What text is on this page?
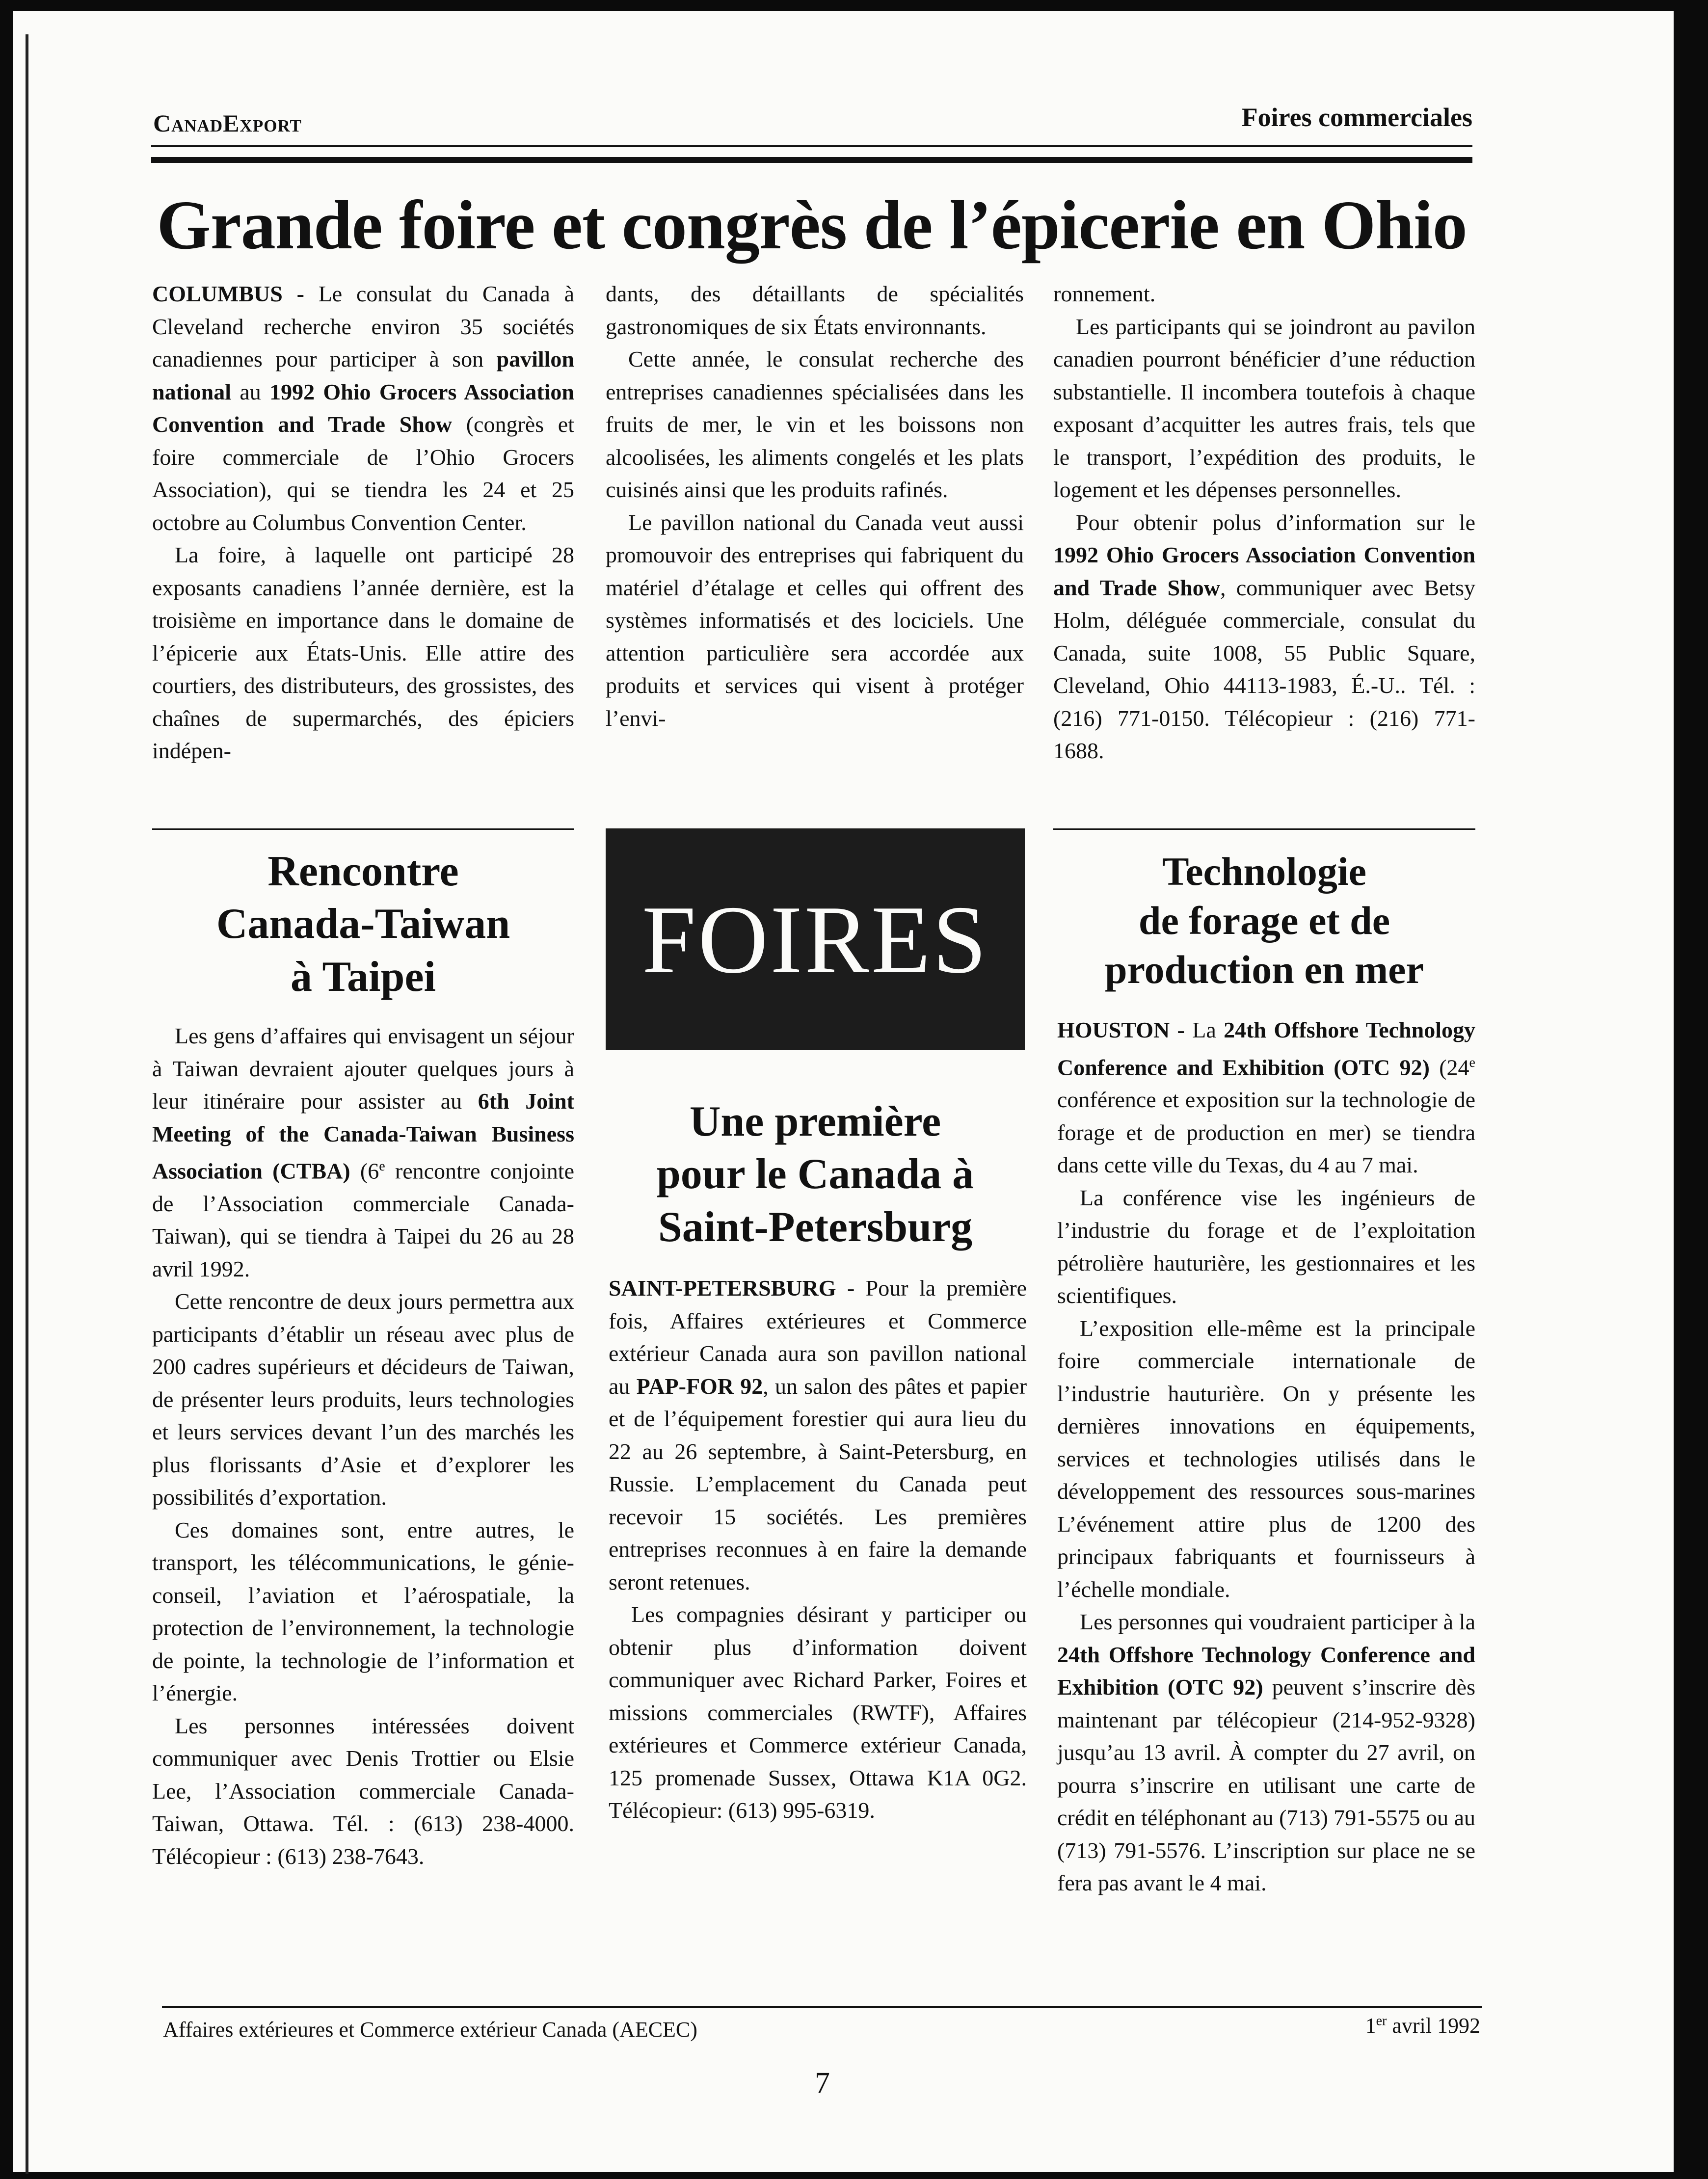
CanadExport	Foires commerciales
Grande foire et congrès de l’épicerie en Ohio

COLUMBUS - Le consulat du Canada à Cleveland recherche environ 35 sociétés canadiennes pour participer à son pavillon national au 1992 Ohio Grocers Association Convention and Trade Show (congrès et foire commerciale de l’Ohio Grocers Association), qui se tiendra les 24 et 25 octobre au Columbus Convention Center.

La foire, à laquelle ont participé 28 exposants canadiens l’année dernière, est la troisième en importance dans le domaine de l’épicerie aux États-Unis. Elle attire des courtiers, des distributeurs, des grossistes, des chaînes de supermarchés, des épiciers indépen-

dants, des détaillants de spécialités gastronomiques de six États environnants.

Cette année, le consulat recherche des entreprises canadiennes spécialisées dans les fruits de mer, le vin et les boissons non alcoolisées, les aliments congelés et les plats cuisinés ainsi que les produits rafinés.

Le pavillon national du Canada veut aussi promouvoir des entreprises qui fabriquent du matériel d’étalage et celles qui offrent des systèmes informatisés et des lociciels. Une attention particulière sera accordée aux produits et services qui visent à protéger l’envi-

ronnement.

Les participants qui se joindront au pavilon canadien pourront bénéficier d’une réduction substantielle. Il incombera toutefois à chaque exposant d’acquitter les autres frais, tels que le transport, l’expédition des produits, le logement et les dépenses personnelles.

Pour obtenir polus d’information sur le 1992 Ohio Grocers Association Convention and Trade Show, communiquer avec Betsy Holm, déléguée commerciale, consulat du Canada, suite 1008, 55 Public Square, Cleveland, Ohio 44113-1983, É.-U.. Tél. : (216) 771-0150. Télécopieur : (216) 771-1688.

Rencontre
Canada-Taiwan
à Taipei

Les gens d’affaires qui envisagent un séjour à Taiwan devraient ajouter quelques jours à leur itinéraire pour assister au 6th Joint Meeting of the Canada-Taiwan Business Association (CTBA) (6e rencontre conjointe de l’Association commerciale Canada-Taiwan), qui se tiendra à Taipei du 26 au 28 avril 1992.

Cette rencontre de deux jours permettra aux participants d’établir un réseau avec plus de 200 cadres supérieurs et décideurs de Taiwan, de présenter leurs produits, leurs technologies et leurs services devant l’un des marchés les plus florissants d’Asie et d’explorer les possibilités d’exportation.

Ces domaines sont, entre autres, le transport, les télécommunications, le génie-conseil, l’aviation et l’aérospatiale, la protection de l’environnement, la technologie de pointe, la technologie de l’information et l’énergie.

Les personnes intéressées doivent communiquer avec Denis Trottier ou Elsie Lee, l’Association commerciale Canada-Taiwan, Ottawa. Tél. : (613) 238-4000. Télécopieur : (613) 238-7643.

FOIRES
Une première
pour le Canada à
Saint-Petersburg

SAINT-PETERSBURG - Pour la première fois, Affaires extérieures et Commerce extérieur Canada aura son pavillon national au PAP-FOR 92, un salon des pâtes et papier et de l’équipement forestier qui aura lieu du 22 au 26 septembre, à Saint-Petersburg, en Russie. L’emplacement du Canada peut recevoir 15 sociétés. Les premières entreprises reconnues à en faire la demande seront retenues.

Les compagnies désirant y participer ou obtenir plus d’information doivent communiquer avec Richard Parker, Foires et missions commerciales (RWTF), Affaires extérieures et Commerce extérieur Canada, 125 promenade Sussex, Ottawa K1A 0G2. Télécopieur: (613) 995-6319.

Technologie
de forage et de
production en mer

HOUSTON - La 24th Offshore Technology Conference and Exhibition (OTC 92) (24e conférence et exposition sur la technologie de forage et de production en mer) se tiendra dans cette ville du Texas, du 4 au 7 mai.

La conférence vise les ingénieurs de l’industrie du forage et de l’exploitation pétrolière hauturière, les gestionnaires et les scientifiques.

L’exposition elle-même est la principale foire commerciale internationale de l’industrie hauturière. On y présente les dernières innovations en équipements, services et technologies utilisés dans le développement des ressources sous-marines L’événement attire plus de 1200 des principaux fabriquants et fournisseurs à l’échelle mondiale.

Les personnes qui voudraient participer à la 24th Offshore Technology Conference and Exhibition (OTC 92) peuvent s’inscrire dès maintenant par télécopieur (214-952-9328) jusqu’au 13 avril. À compter du 27 avril, on pourra s’inscrire en utilisant une carte de crédit en téléphonant au (713) 791-5575 ou au (713) 791-5576. L’inscription sur place ne se fera pas avant le 4 mai.

Affaires extérieures et Commerce extérieur Canada (AECEC)	1er avril 1992
7
